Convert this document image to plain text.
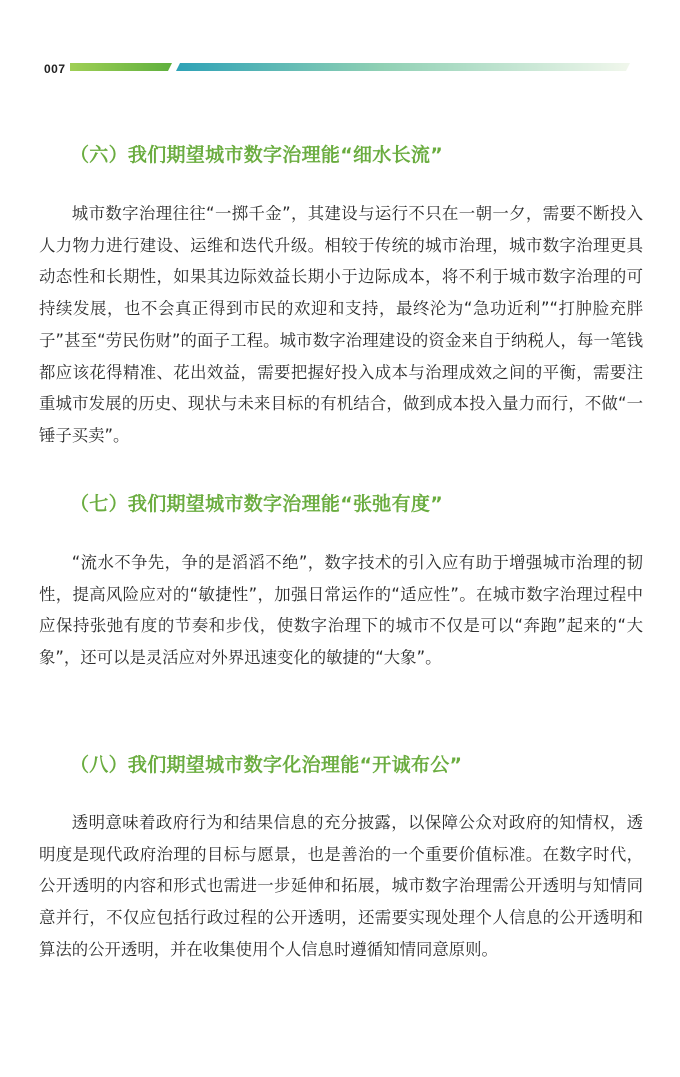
007
（六）我们期望城市数字治理能“细水长流”

城市数字治理往往“一掷千金”，其建设与运行不只在一朝一夕，需要不断投入人力物力进行建设、运维和迭代升级。相较于传统的城市治理，城市数字治理更具动态性和长期性，如果其边际效益长期小于边际成本，将不利于城市数字治理的可持续发展，也不会真正得到市民的欢迎和支持，最终沦为“急功近利”“打肿脸充胖子”甚至“劳民伤财”的面子工程。城市数字治理建设的资金来自于纳税人，每一笔钱都应该花得精准、花出效益，需要把握好投入成本与治理成效之间的平衡，需要注重城市发展的历史、现状与未来目标的有机结合，做到成本投入量力而行，不做“一锤子买卖”。

（七）我们期望城市数字治理能“张弛有度”

“流水不争先，争的是滔滔不绝”，数字技术的引入应有助于增强城市治理的韧性，提高风险应对的“敏捷性”，加强日常运作的“适应性”。在城市数字治理过程中应保持张弛有度的节奏和步伐，使数字治理下的城市不仅是可以“奔跑”起来的“大象”，还可以是灵活应对外界迅速变化的敏捷的“大象”。

（八）我们期望城市数字化治理能“开诚布公”

透明意味着政府行为和结果信息的充分披露，以保障公众对政府的知情权，透明度是现代政府治理的目标与愿景，也是善治的一个重要价值标准。在数字时代，公开透明的内容和形式也需进一步延伸和拓展，城市数字治理需公开透明与知情同意并行，不仅应包括行政过程的公开透明，还需要实现处理个人信息的公开透明和算法的公开透明，并在收集使用个人信息时遵循知情同意原则。
